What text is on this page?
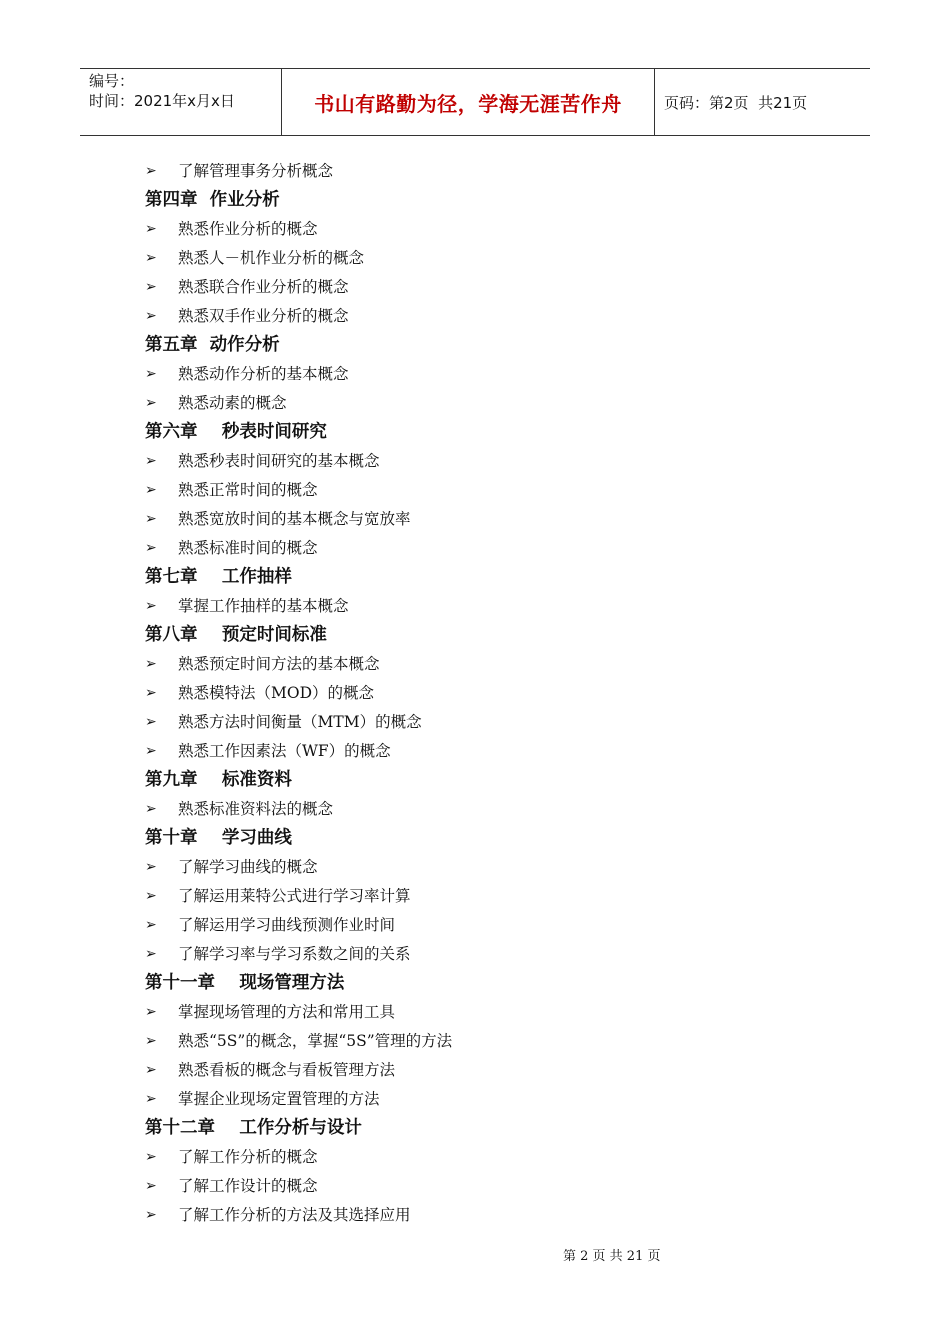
编号：
时间：2021年x月x日	书山有路勤为径，学海无涯苦作舟	页码：第2页  共21页
➢	了解管理事务分析概念
第四章  作业分析
➢	熟悉作业分析的概念
➢	熟悉人－机作业分析的概念
➢	熟悉联合作业分析的概念
➢	熟悉双手作业分析的概念
第五章  动作分析
➢	熟悉动作分析的基本概念
➢	熟悉动素的概念
第六章    秒表时间研究
➢	熟悉秒表时间研究的基本概念
➢	熟悉正常时间的概念
➢	熟悉宽放时间的基本概念与宽放率
➢	熟悉标准时间的概念
第七章    工作抽样
➢	掌握工作抽样的基本概念
第八章    预定时间标准
➢	熟悉预定时间方法的基本概念
➢	熟悉模特法（MOD）的概念
➢	熟悉方法时间衡量（MTM）的概念
➢	熟悉工作因素法（WF）的概念
第九章    标准资料
➢	熟悉标准资料法的概念
第十章    学习曲线
➢	了解学习曲线的概念
➢	了解运用莱特公式进行学习率计算
➢	了解运用学习曲线预测作业时间
➢	了解学习率与学习系数之间的关系
第十一章    现场管理方法
➢	掌握现场管理的方法和常用工具
➢	熟悉“5S”的概念，掌握“5S”管理的方法
➢	熟悉看板的概念与看板管理方法
➢	掌握企业现场定置管理的方法
第十二章    工作分析与设计
➢	了解工作分析的概念
➢	了解工作设计的概念
➢	了解工作分析的方法及其选择应用
第 2 页 共 21 页
